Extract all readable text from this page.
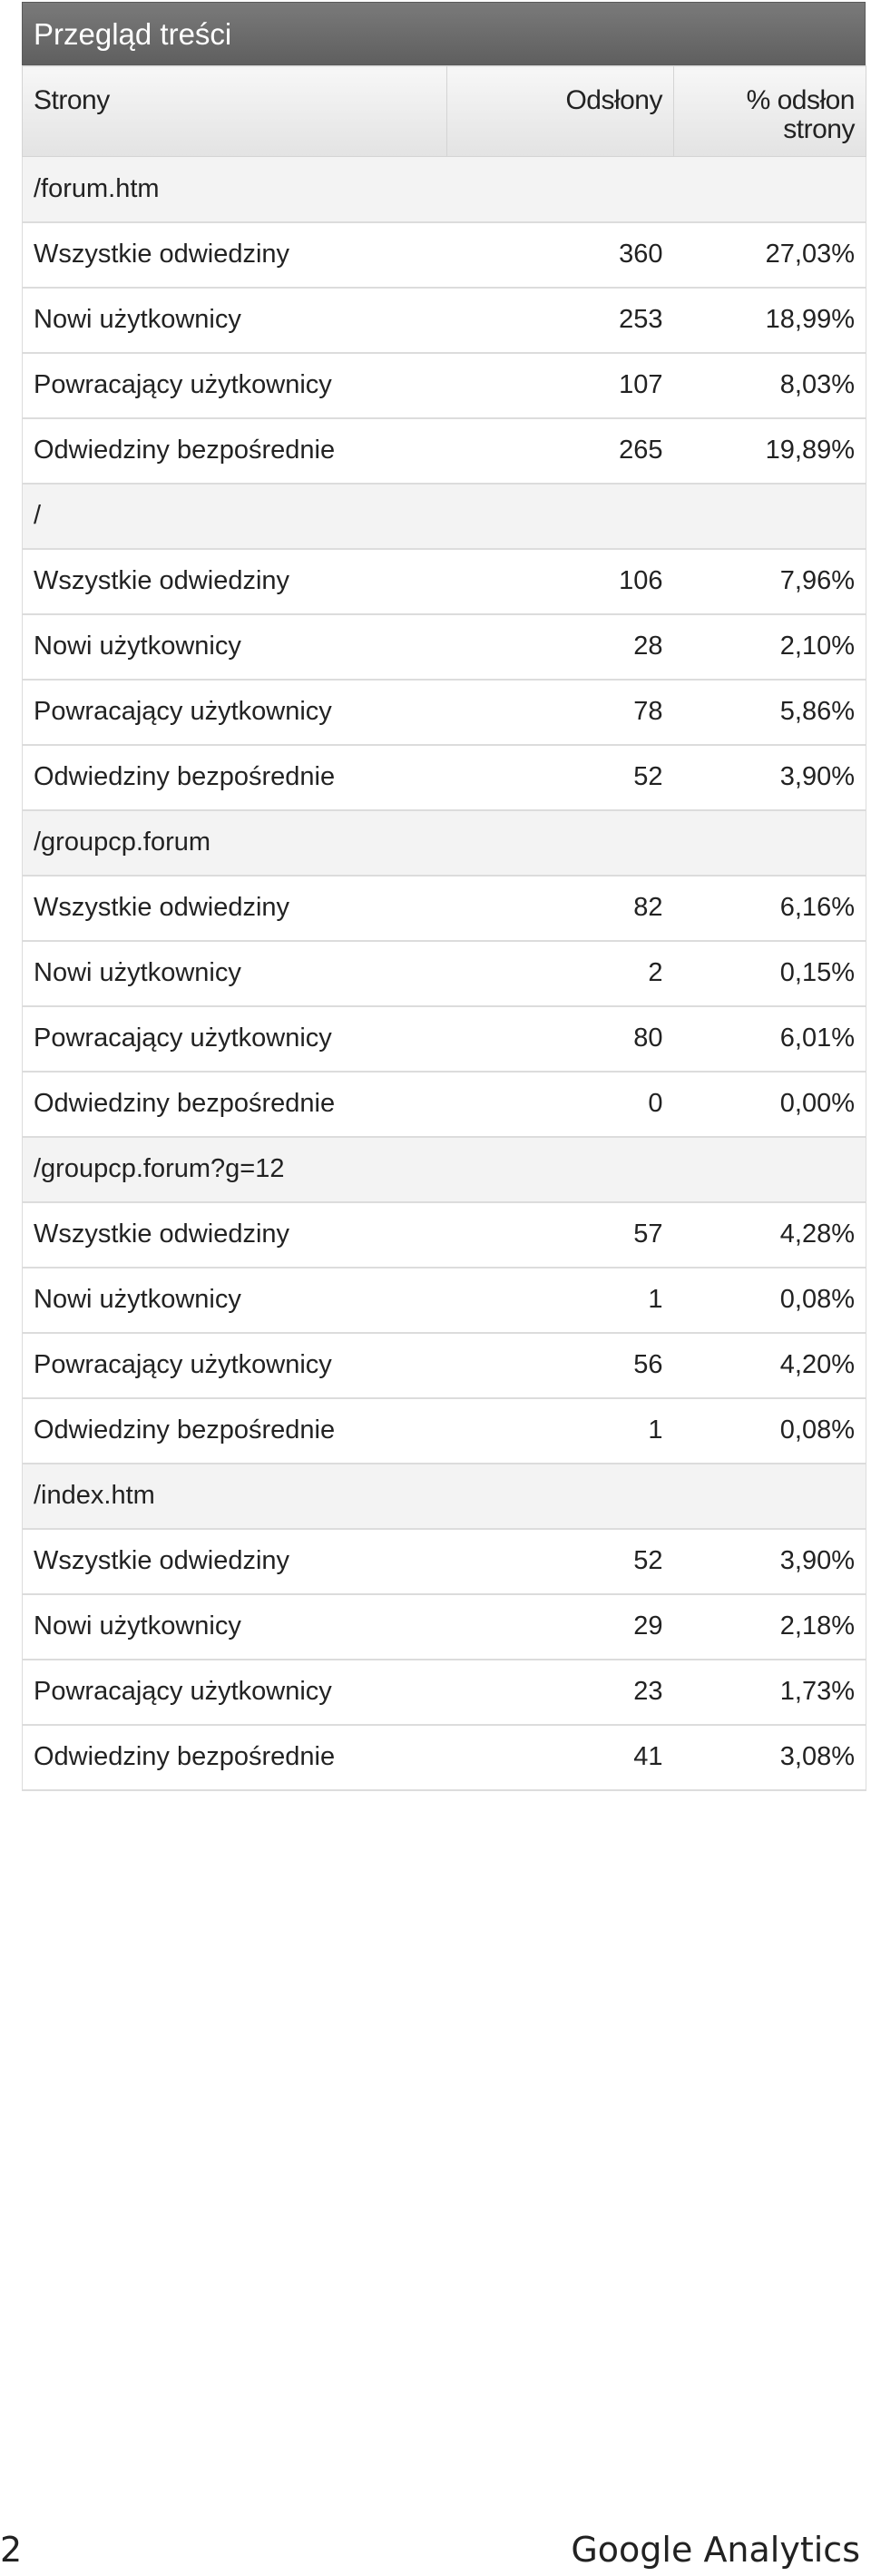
Przegląd treści
Strony	Odsłony	% odsłon
strony

/forum.htm		
Wszystkie odwiedziny	360	27,03%
Nowi użytkownicy	253	18,99%
Powracający użytkownicy	107	8,03%
Odwiedziny bezpośrednie	265	19,89%
/		
Wszystkie odwiedziny	106	7,96%
Nowi użytkownicy	28	2,10%
Powracający użytkownicy	78	5,86%
Odwiedziny bezpośrednie	52	3,90%
/groupcp.forum		
Wszystkie odwiedziny	82	6,16%
Nowi użytkownicy	2	0,15%
Powracający użytkownicy	80	6,01%
Odwiedziny bezpośrednie	0	0,00%
/groupcp.forum?g=12		
Wszystkie odwiedziny	57	4,28%
Nowi użytkownicy	1	0,08%
Powracający użytkownicy	56	4,20%
Odwiedziny bezpośrednie	1	0,08%
/index.htm		
Wszystkie odwiedziny	52	3,90%
Nowi użytkownicy	29	2,18%
Powracający użytkownicy	23	1,73%
Odwiedziny bezpośrednie	41	3,08%
2	Google Analytics
